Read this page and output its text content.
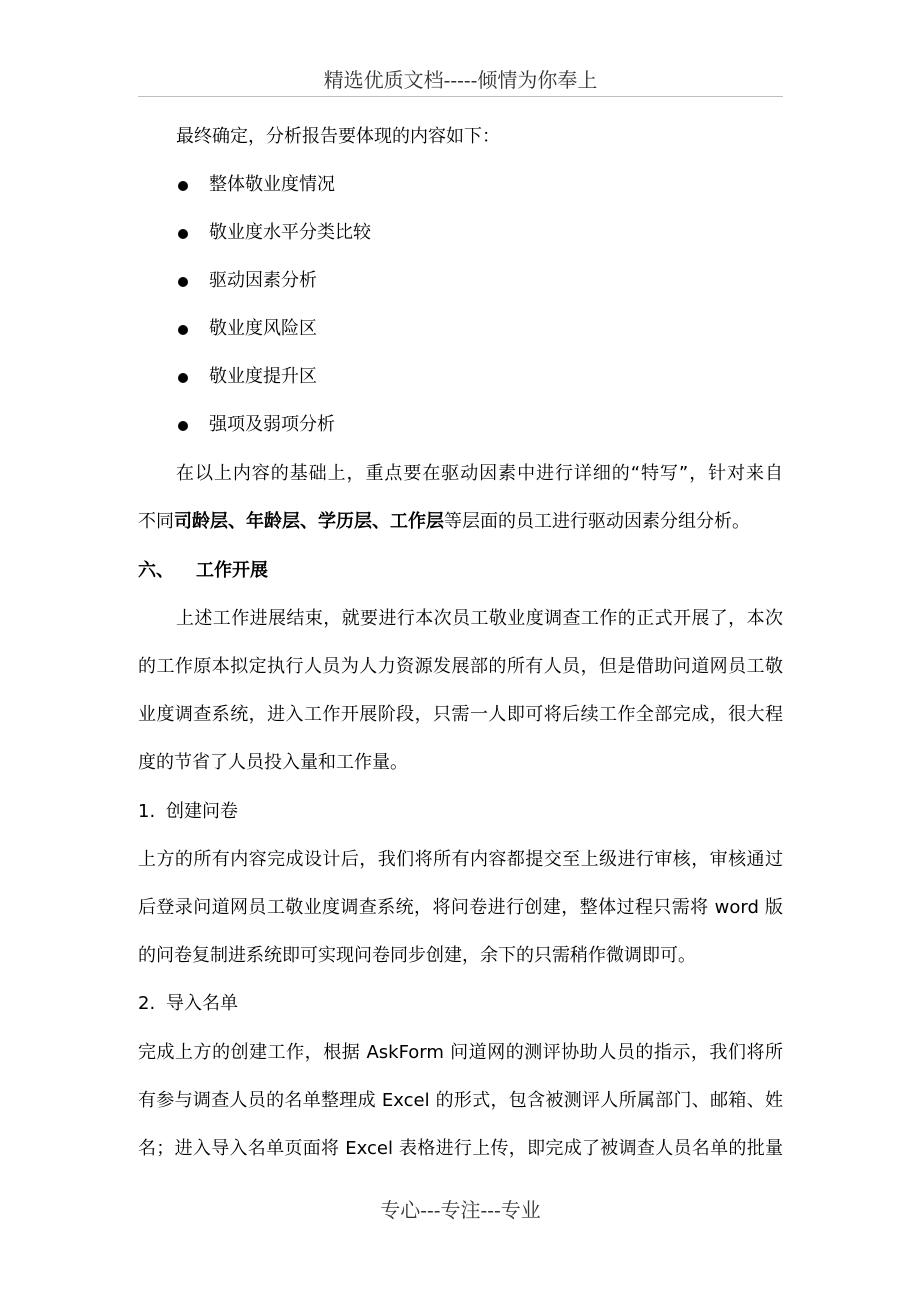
精选优质文档-----倾情为你奉上
最终确定，分析报告要体现的内容如下：
整体敬业度情况
敬业度水平分类比较
驱动因素分析
敬业度风险区
敬业度提升区
强项及弱项分析
在以上内容的基础上，重点要在驱动因素中进行详细的“特写”，针对来自
不同司龄层、年龄层、学历层、工作层等层面的员工进行驱动因素分组分析。
六、 工作开展
上述工作进展结束，就要进行本次员工敬业度调查工作的正式开展了，本次
的工作原本拟定执行人员为人力资源发展部的所有人员，但是借助问道网员工敬
业度调查系统，进入工作开展阶段，只需一人即可将后续工作全部完成，很大程
度的节省了人员投入量和工作量。
1. 创建问卷
上方的所有内容完成设计后，我们将所有内容都提交至上级进行审核，审核通过
后登录问道网员工敬业度调查系统，将问卷进行创建，整体过程只需将 word 版
的问卷复制进系统即可实现问卷同步创建，余下的只需稍作微调即可。
2. 导入名单
完成上方的创建工作，根据 AskForm 问道网的测评协助人员的指示，我们将所
有参与调查人员的名单整理成 Excel 的形式，包含被测评人所属部门、邮箱、姓
名；进入导入名单页面将 Excel 表格进行上传，即完成了被调查人员名单的批量
专心---专注---专业
